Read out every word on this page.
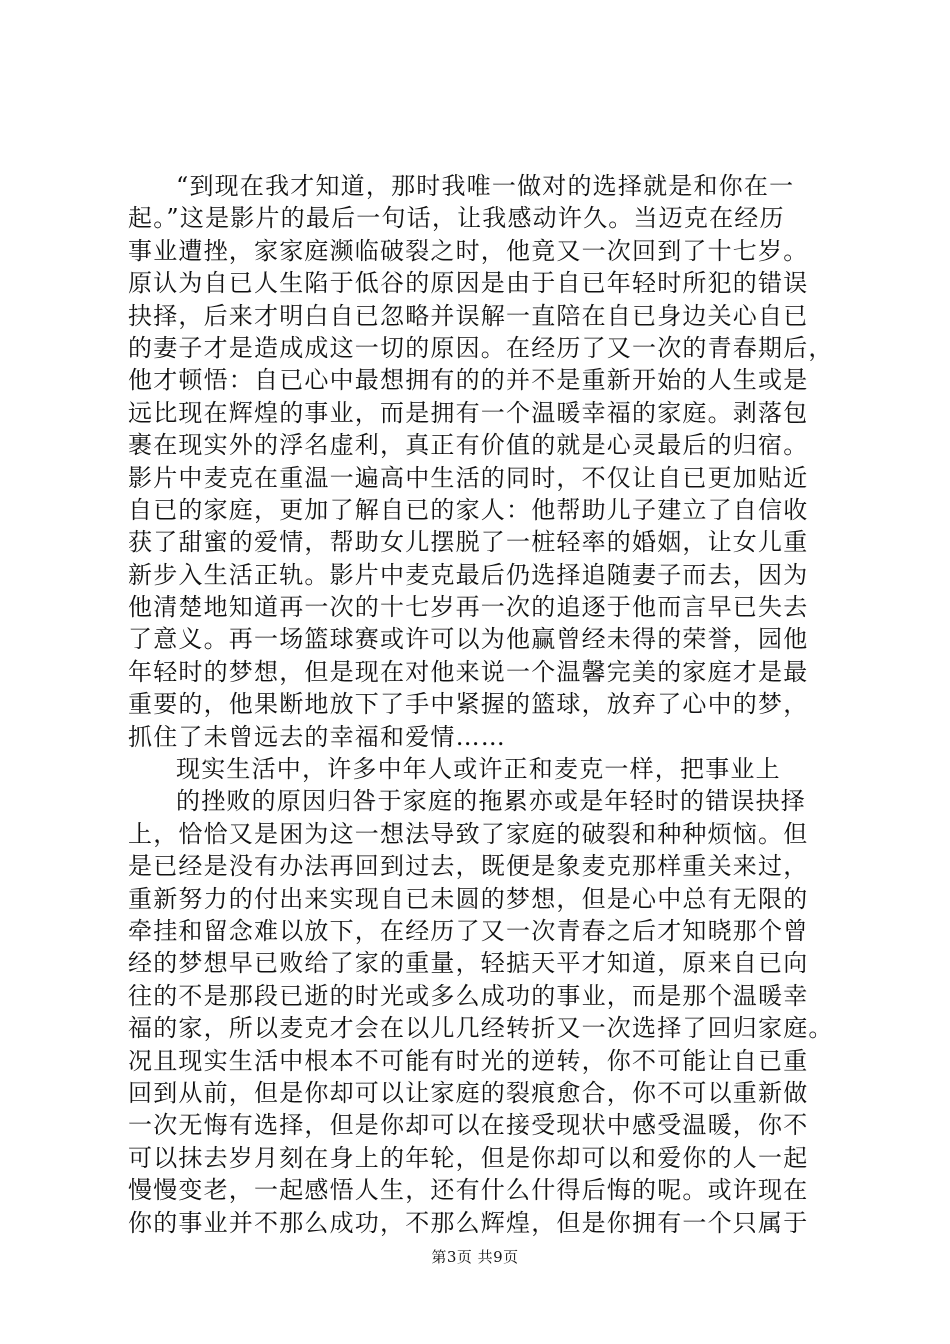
“到现在我才知道，那时我唯一做对的选择就是和你在一
起。”这是影片的最后一句话，让我感动许久。当迈克在经历
事业遭挫，家家庭濒临破裂之时，他竟又一次回到了十七岁。
原认为自已人生陷于低谷的原因是由于自已年轻时所犯的错误
抉择，后来才明白自已忽略并误解一直陪在自已身边关心自已
的妻子才是造成成这一切的原因。在经历了又一次的青春期后，
他才顿悟：自已心中最想拥有的的并不是重新开始的人生或是
远比现在辉煌的事业，而是拥有一个温暖幸福的家庭。剥落包
裹在现实外的浮名虚利，真正有价值的就是心灵最后的归宿。
影片中麦克在重温一遍高中生活的同时，不仅让自已更加贴近
自已的家庭，更加了解自已的家人：他帮助儿子建立了自信收
获了甜蜜的爱情，帮助女儿摆脱了一桩轻率的婚姻，让女儿重
新步入生活正轨。影片中麦克最后仍选择追随妻子而去，因为
他清楚地知道再一次的十七岁再一次的追逐于他而言早已失去
了意义。再一场篮球赛或许可以为他赢曾经未得的荣誉，园他
年轻时的梦想，但是现在对他来说一个温馨完美的家庭才是最
重要的，他果断地放下了手中紧握的篮球，放弃了心中的梦，
抓住了未曾远去的幸福和爱情……
现实生活中，许多中年人或许正和麦克一样，把事业上
的挫败的原因归咎于家庭的拖累亦或是年轻时的错误抉择
上，恰恰又是困为这一想法导致了家庭的破裂和种种烦恼。但
是已经是没有办法再回到过去，既便是象麦克那样重关来过，
重新努力的付出来实现自已未圆的梦想，但是心中总有无限的
牵挂和留念难以放下，在经历了又一次青春之后才知晓那个曾
经的梦想早已败给了家的重量，轻掂天平才知道，原来自已向
往的不是那段已逝的时光或多么成功的事业，而是那个温暖幸
福的家，所以麦克才会在以儿几经转折又一次选择了回归家庭。
况且现实生活中根本不可能有时光的逆转，你不可能让自已重
回到从前，但是你却可以让家庭的裂痕愈合，你不可以重新做
一次无悔有选择，但是你却可以在接受现状中感受温暖，你不
可以抹去岁月刻在身上的年轮，但是你却可以和爱你的人一起
慢慢变老，一起感悟人生，还有什么什得后悔的呢。或许现在
你的事业并不那么成功，不那么辉煌，但是你拥有一个只属于
第3页 共9页
